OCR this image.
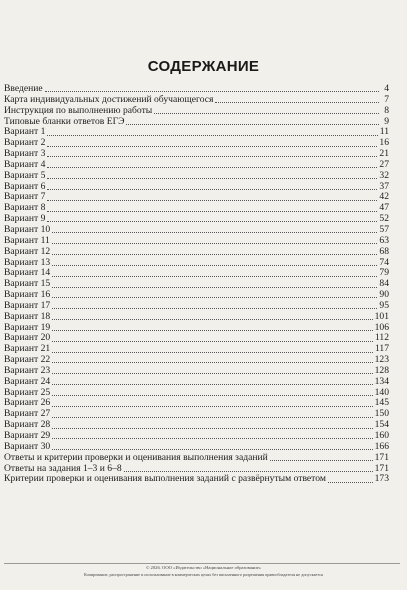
СОДЕРЖАНИЕ
Введение	4
Карта индивидуальных достижений обучающегося	7
Инструкция по выполнению работы	8
Типовые бланки ответов ЕГЭ	9
Вариант 1	11
Вариант 2	16
Вариант 3	21
Вариант 4	27
Вариант 5	32
Вариант 6	37
Вариант 7	42
Вариант 8	47
Вариант 9	52
Вариант 10	57
Вариант 11	63
Вариант 12	68
Вариант 13	74
Вариант 14	79
Вариант 15	84
Вариант 16	90
Вариант 17	95
Вариант 18	101
Вариант 19	106
Вариант 20	112
Вариант 21	117
Вариант 22	123
Вариант 23	128
Вариант 24	134
Вариант 25	140
Вариант 26	145
Вариант 27	150
Вариант 28	154
Вариант 29	160
Вариант 30	166
Ответы и критерии проверки и оценивания выполнения заданий	171
Ответы на задания 1–3 и 6–8	171
Критерии проверки и оценивания выполнения заданий с развёрнутым ответом	173
© 2026. ООО «Издательство «Национальное образование»
Копирование, распространение и использование в коммерческих целях без письменного разрешения правообладателя не допускается
